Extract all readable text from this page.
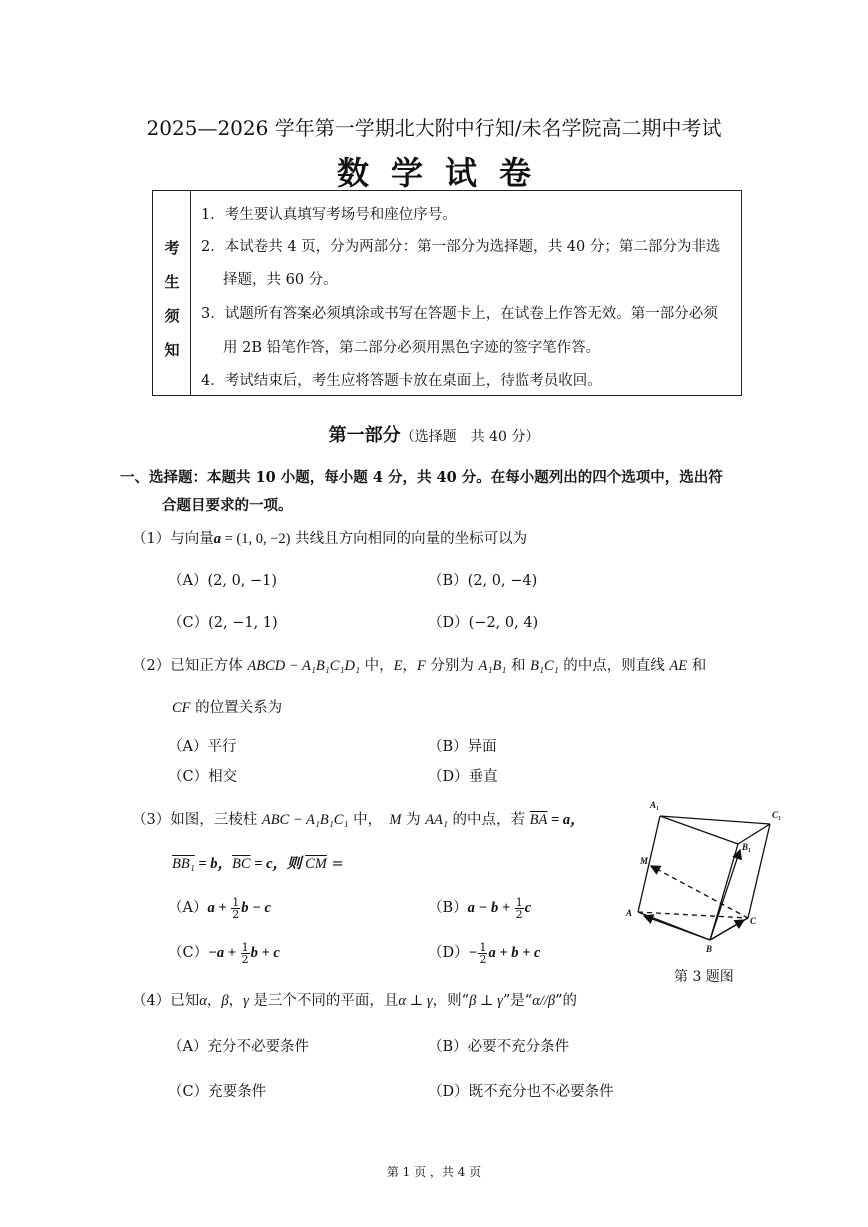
2025—2026 学年第一学期北大附中行知/未名学院高二期中考试
数学试卷
考
生
须
知
1．考生要认真填写考场号和座位序号。
2．本试卷共 4 页，分为两部分：第一部分为选择题，共 40 分；第二部分为非选
择题，共 60 分。
3．试题所有答案必须填涂或书写在答题卡上，在试卷上作答无效。第一部分必须
用 2B 铅笔作答，第二部分必须用黑色字迹的签字笔作答。
4．考试结束后，考生应将答题卡放在桌面上，待监考员收回。
第一部分（选择题　共 40 分）
一、选择题：本题共 10 小题，每小题 4 分，共 40 分。在每小题列出的四个选项中，选出符
合题目要求的一项。
（1）与向量a = (1, 0, −2) 共线且方向相同的向量的坐标可以为
（A）(2, 0, −1)	（B）(2, 0, −4)
（C）(2, −1, 1)	（D）(−2, 0, 4)
（2）已知正方体 ABCD − A₁B₁C₁D₁ 中，E，F 分别为 A₁B₁ 和 B₁C₁ 的中点，则直线 AE 和
CF 的位置关系为
（A）平行	（B）异面
（C）相交	（D）垂直
（3）如图，三棱柱 ABC − A₁B₁C₁ 中，　M 为 AA₁ 的中点，若 $\overline{BA} = a$，
BB₁ = b，$\overline{BC} = c$，则 $\overline{CM}$ =
$(A)a + \frac{1}{2}$ b − c	$(B)a - b + \frac{1}{2}$ c
$(C)-a + \frac{1}{2}$ b + c	$(D)- \frac{1}{2}$ a + b + c
A₁
C₁
B₁
M
A
C
B
第 3 题图
（4）已知α，β，γ 是三个不同的平面，且α ⊥ γ，则“β ⊥ γ”是“α//β”的
（A）充分不必要条件	（B）必要不充分条件
（C）充要条件	（D）既不充分也不必要条件
第 1 页 ，共 4 页
